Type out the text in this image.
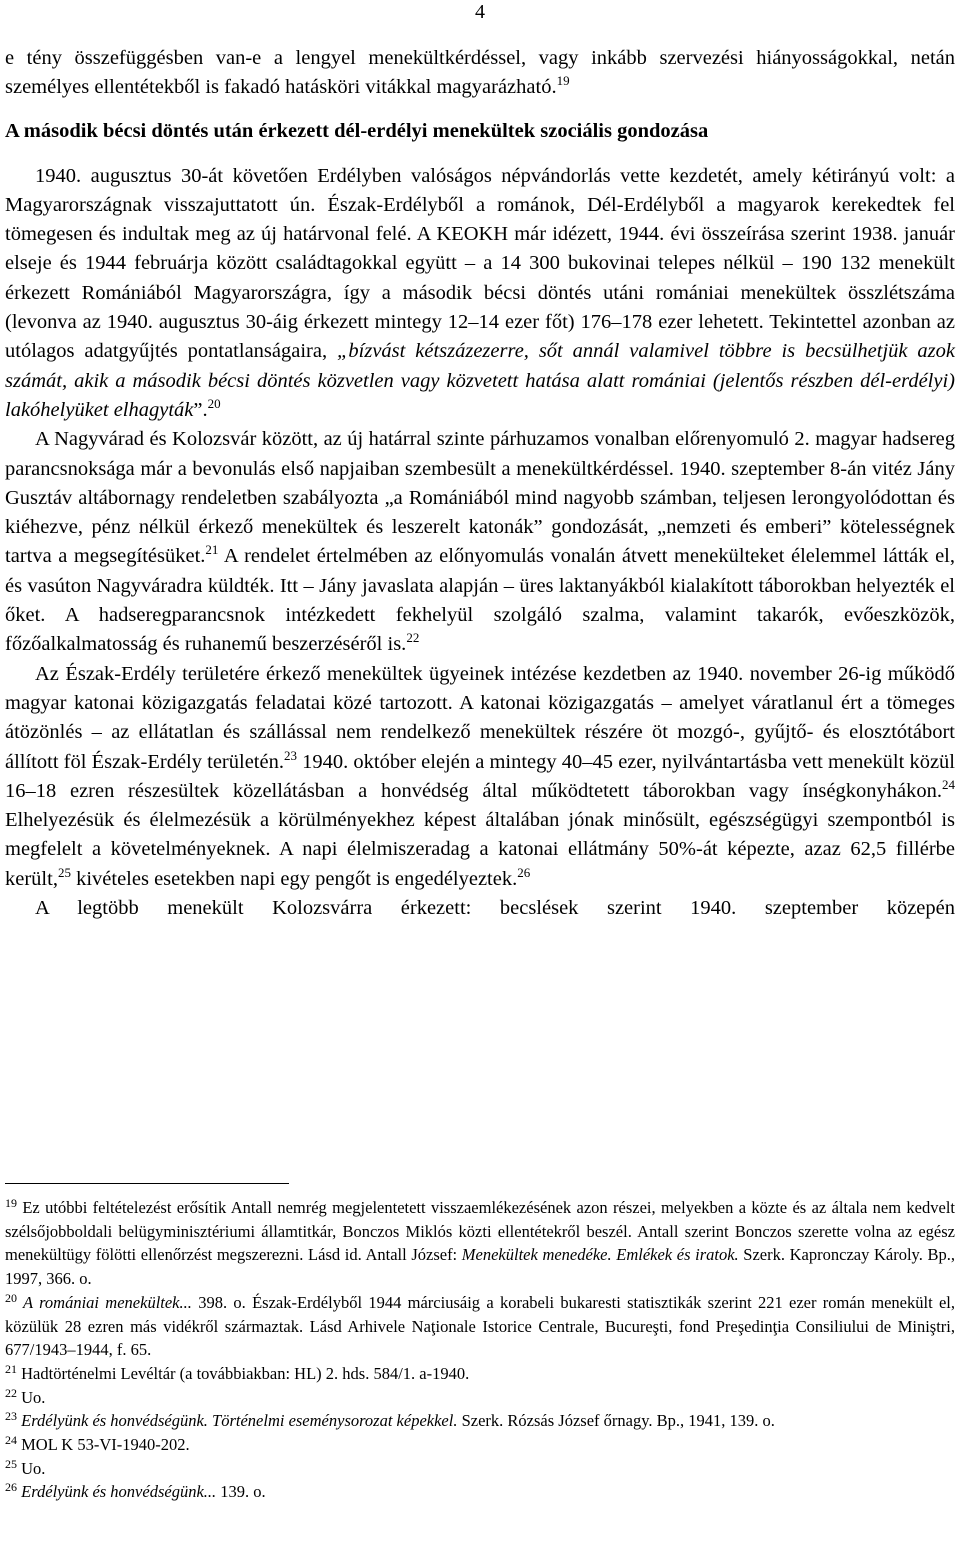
4

e tény összefüggésben van-e a lengyel menekültkérdéssel, vagy inkább szervezési hiányosságokkal, netán személyes ellentétekből is fakadó hatásköri vitákkal magyarázható.$^{19}$

A második bécsi döntés után érkezett dél-erdélyi menekültek szociális gondozása

1940. augusztus 30-át követően Erdélyben valóságos népvándorlás vette kezdetét, amely kétirányú volt: a Magyarországnak visszajuttatott ún. Észak-Erdélyből a románok, Dél-Erdélyből a magyarok kerekedtek fel tömegesen és indultak meg az új határvonal felé. A KEOKH már idézett, 1944. évi összeírása szerint 1938. január elseje és 1944 februárja között családtagokkal együtt – a 14 300 bukovinai telepes nélkül – 190 132 menekült érkezett Romániából Magyarországra, így a második bécsi döntés utáni romániai menekültek összlétszáma (levonva az 1940. augusztus 30-áig érkezett mintegy 12–14 ezer főt) 176–178 ezer lehetett. Tekintettel azonban az utólagos adatgyűjtés pontatlanságaira, „bízvást kétszázezerre, sőt annál valamivel többre is becsülhetjük azok számát, akik a második bécsi döntés közvetlen vagy közvetett hatása alatt romániai (jelentős részben dél-erdélyi) lakóhelyüket elhagyták”.$^{20}$

A Nagyvárad és Kolozsvár között, az új határral szinte párhuzamos vonalban előrenyomuló 2. magyar hadsereg parancsnoksága már a bevonulás első napjaiban szembesült a menekültkérdéssel. 1940. szeptember 8-án vitéz Jány Gusztáv altábornagy rendeletben szabályozta „a Romániából mind nagyobb számban, teljesen lerongyolódottan és kiéhezve, pénz nélkül érkező menekültek és leszerelt katonák” gondozását, „nemzeti és emberi” kötelességnek tartva a megsegítésüket.$^{21}$ A rendelet értelmében az előnyomulás vonalán átvett menekülteket élelemmel látták el, és vasúton Nagyváradra küldték. Itt – Jány javaslata alapján – üres laktanyákból kialakított táborokban helyezték el őket. A hadseregparancsnok intézkedett fekhelyül szolgáló szalma, valamint takarók, evőeszközök, főzőalkalmatosság és ruhanemű beszerzéséről is.$^{22}$

Az Észak-Erdély területére érkező menekültek ügyeinek intézése kezdetben az 1940. november 26-ig működő magyar katonai közigazgatás feladatai közé tartozott. A katonai közigazgatás – amelyet váratlanul ért a tömeges átözönlés – az ellátatlan és szállással nem rendelkező menekültek részére öt mozgó-, gyűjtő- és elosztótábort állított föl Észak-Erdély területén.$^{23}$ 1940. október elején a mintegy 40–45 ezer, nyilvántartásba vett menekült közül 16–18 ezren részesültek közellátásban a honvédség által működtetett táborokban vagy ínségkonyhákon.$^{24}$ Elhelyezésük és élelmezésük a körülményekhez képest általában jónak minősült, egészségügyi szempontból is megfelelt a követelményeknek. A napi élelmiszeradag a katonai ellátmány 50%-át képezte, azaz 62,5 fillérbe került,$^{25}$ kivételes esetekben napi egy pengőt is engedélyeztek.$^{26}$

A legtöbb menekült Kolozsvárra érkezett: becslések szerint 1940. szeptember közepén

$^{19}$ Ez utóbbi feltételezést erősítik Antall nemrég megjelentetett visszaemlékezésének azon részei, melyekben a közte és az általa nem kedvelt szélsőjobboldali belügyminisztériumi államtitkár, Bonczos Miklós közti ellentétekről beszél. Antall szerint Bonczos szerette volna az egész menekültügy fölötti ellenőrzést megszerezni. Lásd id. Antall József: Menekültek menedéke. Emlékek és iratok. Szerk. Kapronczay Károly. Bp., 1997, 366. o.

$^{20}$ A romániai menekültek... 398. o. Észak-Erdélyből 1944 márciusáig a korabeli bukaresti statisztikák szerint 221 ezer román menekült el, közülük 28 ezren más vidékről származtak. Lásd Arhivele Naţionale Istorice Centrale, Bucureşti, fond Preşedinţia Consiliului de Miniştri, 677/1943–1944, f. 65.

$^{21}$ Hadtörténelmi Levéltár (a továbbiakban: HL) 2. hds. 584/1. a-1940.

$^{22}$ Uo.

$^{23}$ Erdélyünk és honvédségünk. Történelmi eseménysorozat képekkel. Szerk. Rózsás József őrnagy. Bp., 1941, 139. o.

$^{24}$ MOL K 53-VI-1940-202.

$^{25}$ Uo.

$^{26}$ Erdélyünk és honvédségünk... 139. o.
